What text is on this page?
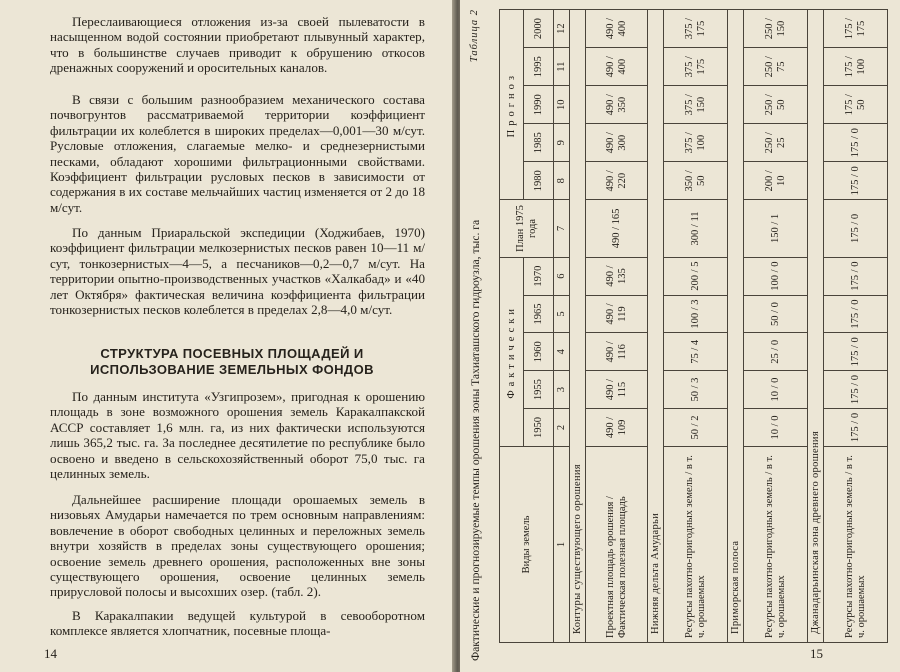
Переслаивающиеся отложения из-за своей пылеватости в насыщенном водой состоянии приобретают плывунный характер, что в большинстве случаев приводит к обрушению откосов дренажных сооружений и оросительных каналов.

В связи с большим разнообразием механического состава почвогрунтов рассматриваемой территории коэффициент фильтрации их колеблется в широких пределах—0,001—30 м/сут. Русловые отложения, слагаемые мелко- и среднезернистыми песками, обладают хорошими фильтрационными свойствами. Коэффициент фильтрации русловых песков в зависимости от содержания в их составе мельчайших частиц изменяется от 2 до 18 м/сут.

По данным Приаральской экспедиции (Ходжибаев, 1970) коэффициент фильтрации мелкозернистых песков равен 10—11 м/сут, тонкозернистых—4—5, а песчаников—0,2—0,7 м/сут. На территории опытно-производственных участков «Халкабад» и «40 лет Октября» фактическая величина коэффициента фильтрации тонкозернистых песков колеблется в пределах 2,8—4,0 м/сут.

СТРУКТУРА ПОСЕВНЫХ ПЛОЩАДЕЙ И ИСПОЛЬЗОВАНИЕ ЗЕМЕЛЬНЫХ ФОНДОВ

По данным института «Узгипрозем», пригодная к орошению площадь в зоне возможного орошения земель Каракалпакской АССР составляет 1,6 млн. га, из них фактически используются лишь 365,2 тыс. га. За последнее десятилетие по республике было освоено и введено в сельскохозяйственный оборот 75,0 тыс. га целинных земель.

Дальнейшее расширение площади орошаемых земель в низовьях Амударьи намечается по трем основным направлениям: вовлечение в оборот свободных целинных и переложных земель внутри хозяйств в пределах зоны существующего орошения; освоение земель древнего орошения, расположенных вне зоны существующего орошения, освоение целинных земель прирусловой полосы и высохших озер. (табл. 2).

В Каракалпакии ведущей культурой в севооборотном комплексе является хлопчатник, посевные площа-

14	Фактические и прогнозируемые темпы орошения зоны Тахиаташского гидроузла, тыс. га

Таблица 2
Виды земель	Фактически					План 1975 года	Прогноз				
	1950	1955	1960	1965	1970		1980	1985	1990	1995	2000
1	2	3	4	5	6	7	8	9	10	11	12
Контуры существующего орошения											
Проектная площадь орошения / Фактическая полезная площадь	490 / 109	490 / 115	490 / 116	490 / 119	490 / 135	490 / 165	490 / 220	490 / 300	490 / 350	490 / 400	490 / 400
Нижняя дельта Амударьи											
Ресурсы пахотно-пригодных земель / в т. ч. орошаемых	50 / 2	50 / 3	75 / 4	100 / 3	200 / 5	300 / 11	350 / 50	375 / 100	375 / 150	375 / 175	375 / 175
Приморская полоса											
Ресурсы пахотно-пригодных земель / в т. ч. орошаемых	10 / 0	10 / 0	25 / 0	50 / 0	100 / 0	150 / 1	200 / 10	250 / 25	250 / 50	250 / 75	250 / 150
Джанадарьинская зона древнего орошения											
Ресурсы пахотно-пригодных земель / в т. ч. орошаемых	175 / 0	175 / 0	175 / 0	175 / 0	175 / 0	175 / 0	175 / 0	175 / 0	175 / 50	175 / 100	175 / 175
15
